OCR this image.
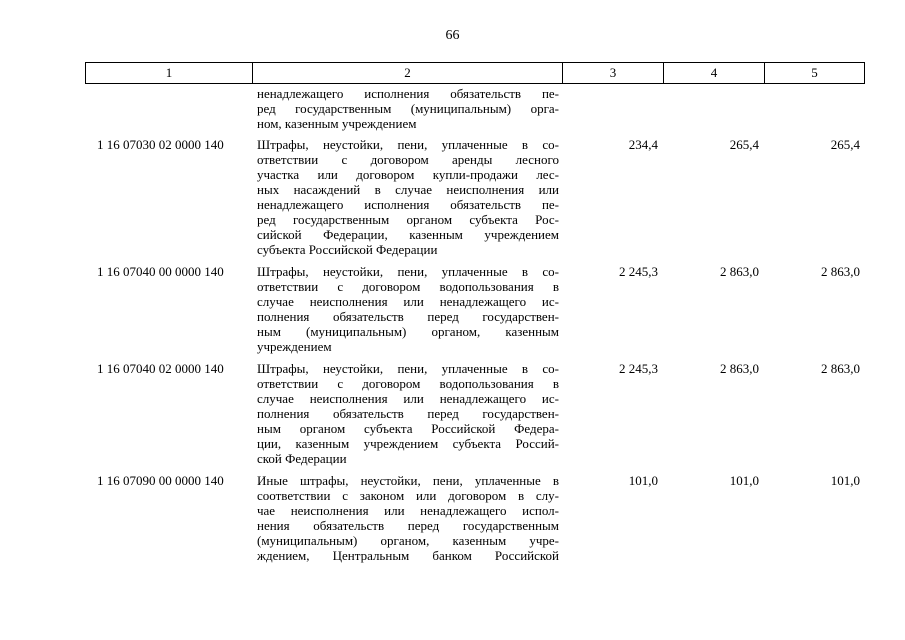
66
1	2	3	4	5
ненадлежащего исполнения обязательств пе-
ред государственным (муниципальным) орга-
ном, казенным учреждением
1 16 07030 02 0000 140	Штрафы, неустойки, пени, уплаченные в со-
ответствии с договором аренды лесного
участка или договором купли-продажи лес-
ных насаждений в случае неисполнения или
ненадлежащего исполнения обязательств пе-
ред государственным органом субъекта Рос-
сийской Федерации, казенным учреждением
субъекта Российской Федерации
234,4	265,4	265,4
1 16 07040 00 0000 140	Штрафы, неустойки, пени, уплаченные в со-
ответствии с договором водопользования в
случае неисполнения или ненадлежащего ис-
полнения обязательств перед государствен-
ным (муниципальным) органом, казенным
учреждением
2 245,3	2 863,0	2 863,0
1 16 07040 02 0000 140	Штрафы, неустойки, пени, уплаченные в со-
ответствии с договором водопользования в
случае неисполнения или ненадлежащего ис-
полнения обязательств перед государствен-
ным органом субъекта Российской Федера-
ции, казенным учреждением субъекта Россий-
ской Федерации
2 245,3	2 863,0	2 863,0
1 16 07090 00 0000 140	Иные штрафы, неустойки, пени, уплаченные в
соответствии с законом или договором в слу-
чае неисполнения или ненадлежащего испол-
нения обязательств перед государственным
(муниципальным) органом, казенным учре-
ждением, Центральным банком Российской
101,0	101,0	101,0
